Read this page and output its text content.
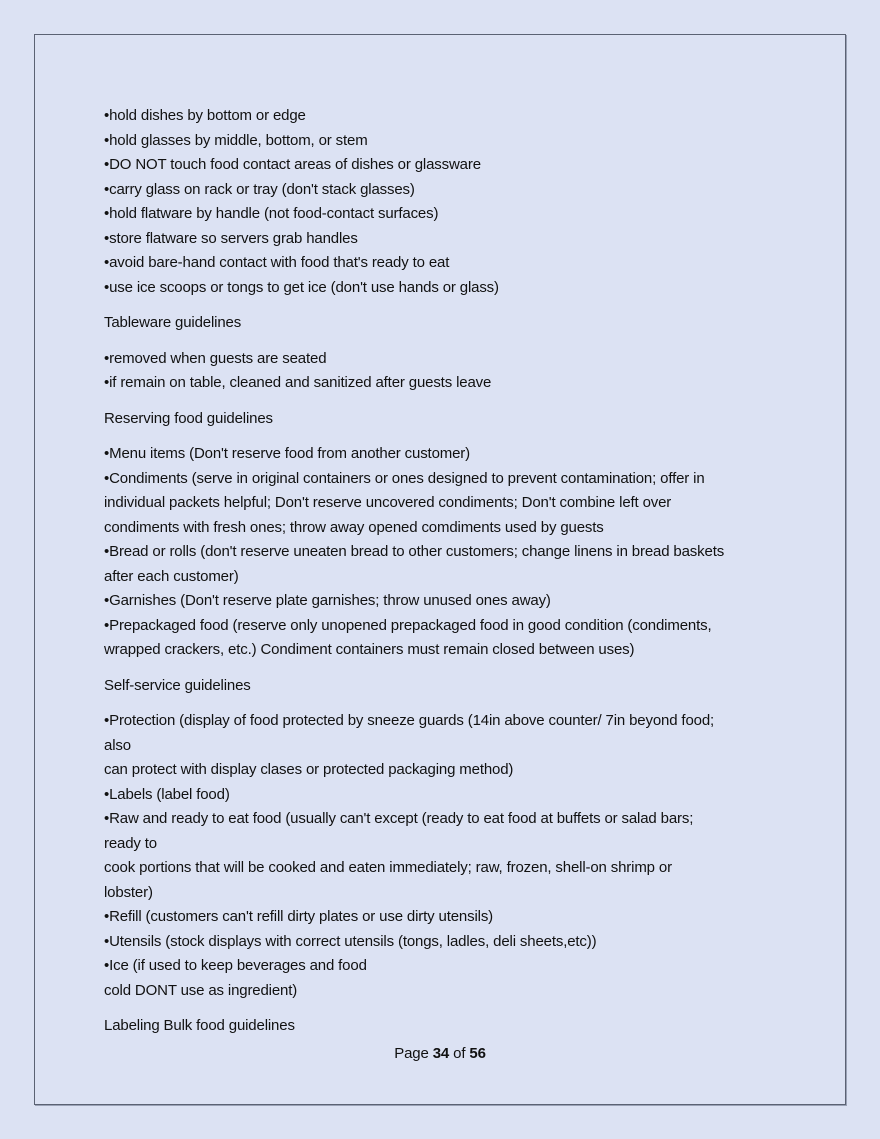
•hold dishes by bottom or edge
•hold glasses by middle, bottom, or stem
•DO NOT touch food contact areas of dishes or glassware
•carry glass on rack or tray (don't stack glasses)
•hold flatware by handle (not food-contact surfaces)
•store flatware so servers grab handles
•avoid bare-hand contact with food that's ready to eat
•use ice scoops or tongs to get ice (don't use hands or glass)
Tableware guidelines
•removed when guests are seated
•if remain on table, cleaned and sanitized after guests leave
Reserving food guidelines
•Menu items (Don't reserve food from another customer)
•Condiments (serve in original containers or ones designed to prevent contamination; offer in
individual packets helpful; Don't reserve uncovered condiments; Don't combine left over
condiments with fresh ones; throw away opened comdiments used by guests
•Bread or rolls (don't reserve uneaten bread to other customers; change linens in bread baskets
after each customer)
•Garnishes (Don't reserve plate garnishes; throw unused ones away)
•Prepackaged food (reserve only unopened prepackaged food in good condition (condiments,
wrapped crackers, etc.) Condiment containers must remain closed between uses)
Self-service guidelines
•Protection (display of food protected by sneeze guards (14in above counter/ 7in beyond food;
also
can protect with display clases or protected packaging method)
•Labels (label food)
•Raw and ready to eat food (usually can't except (ready to eat food at buffets or salad bars;
ready to
cook portions that will be cooked and eaten immediately; raw, frozen, shell-on shrimp or
lobster)
•Refill (customers can't refill dirty plates or use dirty utensils)
•Utensils (stock displays with correct utensils (tongs, ladles, deli sheets,etc))
•Ice (if used to keep beverages and food
cold DONT use as ingredient)
Labeling Bulk food guidelines
Page 34 of 56
